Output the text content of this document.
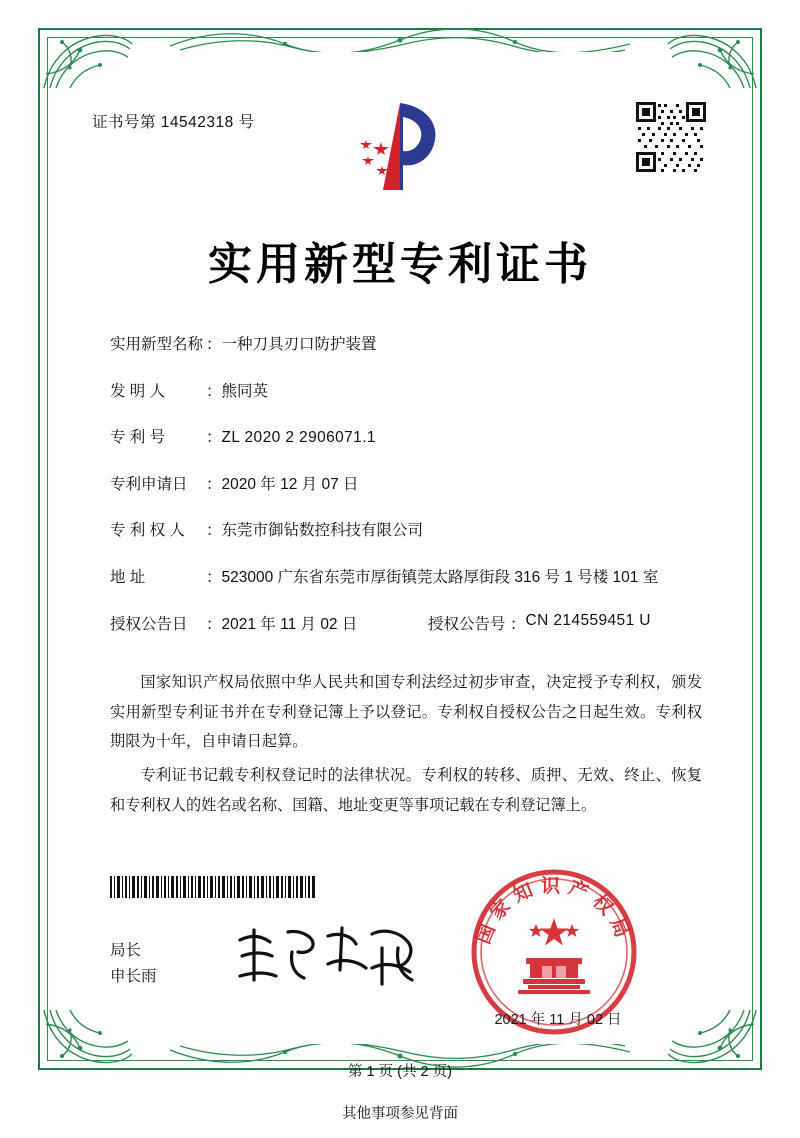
证书号第 14542318 号
实用新型专利证书
实用新型名称 ： 一种刀具刃口防护装置
发 明 人	： 熊同英
专 利 号	： ZL 2020 2 2906071.1
专利申请日	： 2020 年 12 月 07 日
专 利 权 人	： 东莞市御钻数控科技有限公司
地 址	： 523000 广东省东莞市厚街镇莞太路厚街段 316 号 1 号楼 101 室
授权公告日	： 2021 年 11 月 02 日	授权公告号 ： CN 214559451 U

国家知识产权局依照中华人民共和国专利法经过初步审查，决定授予专利权，颁发实用新型专利证书并在专利登记簿上予以登记。专利权自授权公告之日起生效。专利权期限为十年，自申请日起算。

专利证书记载专利权登记时的法律状况。专利权的转移、质押、无效、终止、恢复和专利权人的姓名或名称、国籍、地址变更等事项记载在专利登记簿上。

局长
申长雨
国家知识产权局
2021 年 11 月 02 日
第 1 页 (共 2 页)
其他事项参见背面
